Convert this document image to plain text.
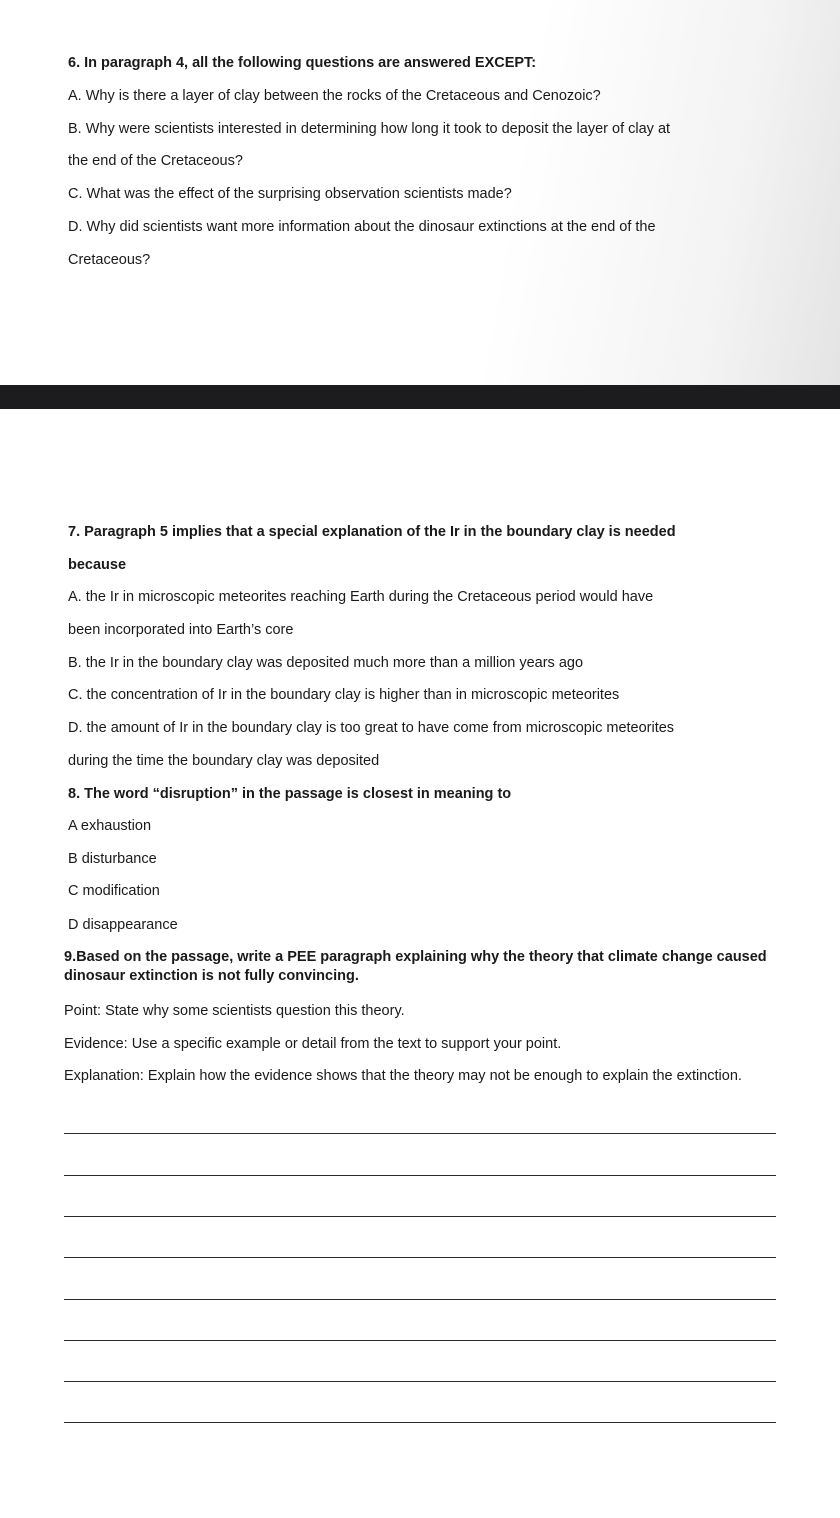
6. In paragraph 4, all the following questions are answered EXCEPT:
A. Why is there a layer of clay between the rocks of the Cretaceous and Cenozoic?
B. Why were scientists interested in determining how long it took to deposit the layer of clay at
the end of the Cretaceous?
C. What was the effect of the surprising observation scientists made?
D. Why did scientists want more information about the dinosaur extinctions at the end of the
Cretaceous?
7. Paragraph 5 implies that a special explanation of the Ir in the boundary clay is needed
because
A. the Ir in microscopic meteorites reaching Earth during the Cretaceous period would have
been incorporated into Earth’s core
B. the Ir in the boundary clay was deposited much more than a million years ago
C. the concentration of Ir in the boundary clay is higher than in microscopic meteorites
D. the amount of Ir in the boundary clay is too great to have come from microscopic meteorites
during the time the boundary clay was deposited
8. The word “disruption” in the passage is closest in meaning to
A exhaustion
B disturbance
C modification
D disappearance
9.Based on the passage, write a PEE paragraph explaining why the theory that climate change caused dinosaur extinction is not fully convincing.
Point: State why some scientists question this theory.
Evidence: Use a specific example or detail from the text to support your point.
Explanation: Explain how the evidence shows that the theory may not be enough to explain the extinction.
